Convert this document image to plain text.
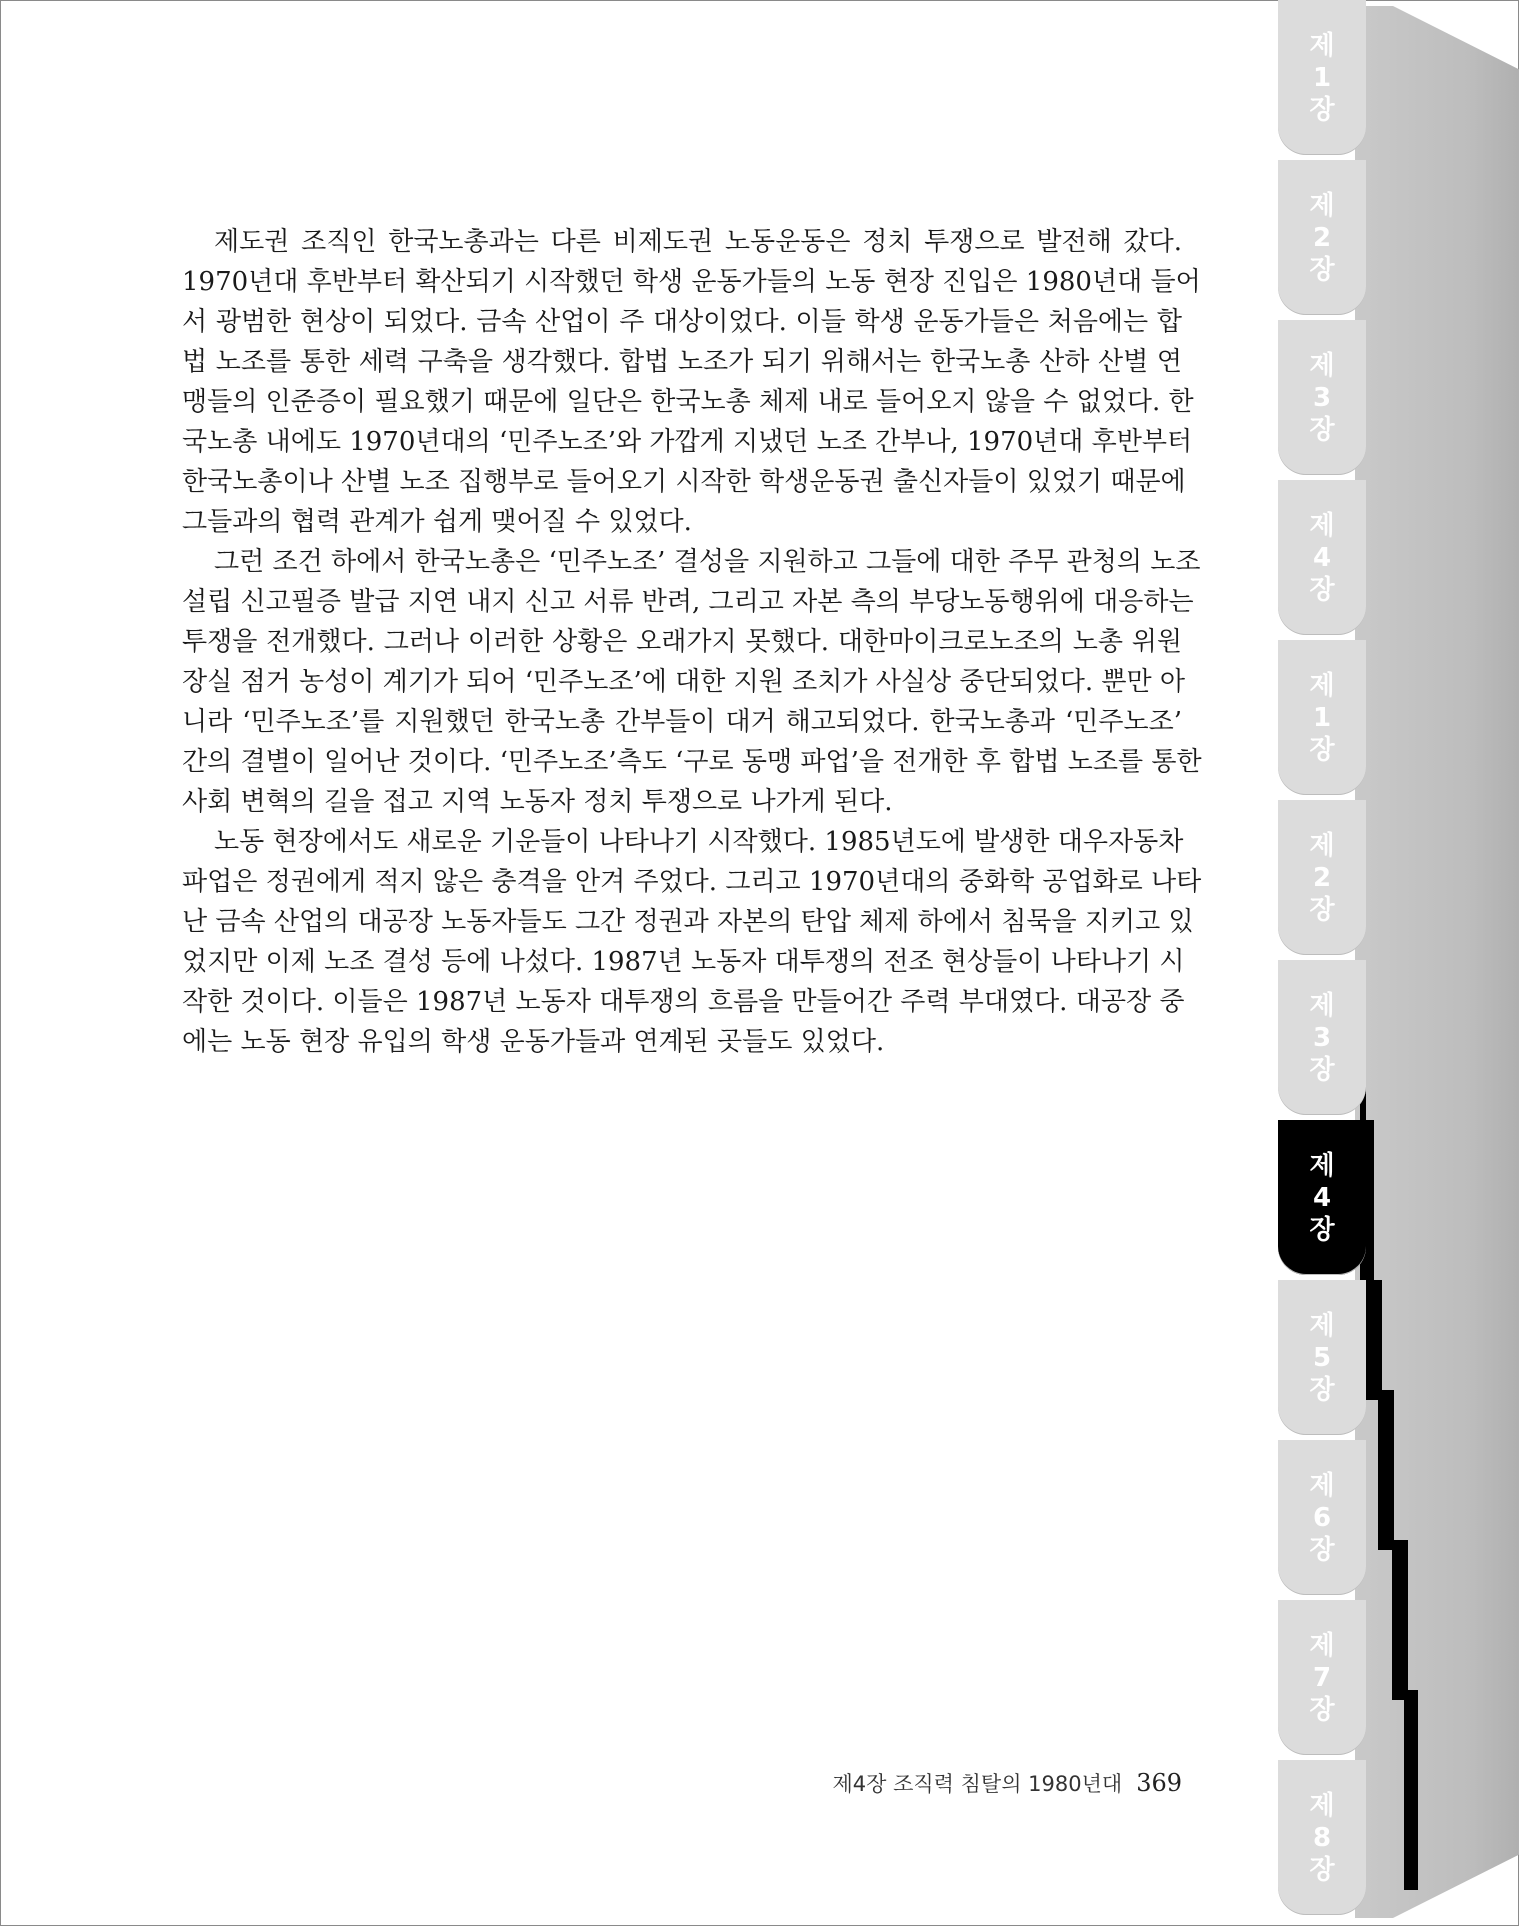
제
1
장
제
2
장
제
3
장
제
4
장
제
1
장
제
2
장
제
3
장
제
4
장
제
5
장
제
6
장
제
7
장
제
8
장

제도권 조직인 한국노총과는 다른 비제도권 노동운동은 정치 투쟁으로 발전해 갔다.
1970년대 후반부터 확산되기 시작했던 학생 운동가들의 노동 현장 진입은 1980년대 들어
서 광범한 현상이 되었다. 금속 산업이 주 대상이었다. 이들 학생 운동가들은 처음에는 합
법 노조를 통한 세력 구축을 생각했다. 합법 노조가 되기 위해서는 한국노총 산하 산별 연
맹들의 인준증이 필요했기 때문에 일단은 한국노총 체제 내로 들어오지 않을 수 없었다. 한
국노총 내에도 1970년대의 ‘민주노조’와 가깝게 지냈던 노조 간부나, 1970년대 후반부터
한국노총이나 산별 노조 집행부로 들어오기 시작한 학생운동권 출신자들이 있었기 때문에
그들과의 협력 관계가 쉽게 맺어질 수 있었다.

그런 조건 하에서 한국노총은 ‘민주노조’ 결성을 지원하고 그들에 대한 주무 관청의 노조
설립 신고필증 발급 지연 내지 신고 서류 반려, 그리고 자본 측의 부당노동행위에 대응하는
투쟁을 전개했다. 그러나 이러한 상황은 오래가지 못했다. 대한마이크로노조의 노총 위원
장실 점거 농성이 계기가 되어 ‘민주노조’에 대한 지원 조치가 사실상 중단되었다. 뿐만 아
니라 ‘민주노조’를 지원했던 한국노총 간부들이 대거 해고되었다. 한국노총과 ‘민주노조’
간의 결별이 일어난 것이다. ‘민주노조’측도 ‘구로 동맹 파업’을 전개한 후 합법 노조를 통한
사회 변혁의 길을 접고 지역 노동자 정치 투쟁으로 나가게 된다.

노동 현장에서도 새로운 기운들이 나타나기 시작했다. 1985년도에 발생한 대우자동차
파업은 정권에게 적지 않은 충격을 안겨 주었다. 그리고 1970년대의 중화학 공업화로 나타
난 금속 산업의 대공장 노동자들도 그간 정권과 자본의 탄압 체제 하에서 침묵을 지키고 있
었지만 이제 노조 결성 등에 나섰다. 1987년 노동자 대투쟁의 전조 현상들이 나타나기 시
작한 것이다. 이들은 1987년 노동자 대투쟁의 흐름을 만들어간 주력 부대였다. 대공장 중
에는 노동 현장 유입의 학생 운동가들과 연계된 곳들도 있었다.

제4장 조직력 침탈의 1980년대 369
